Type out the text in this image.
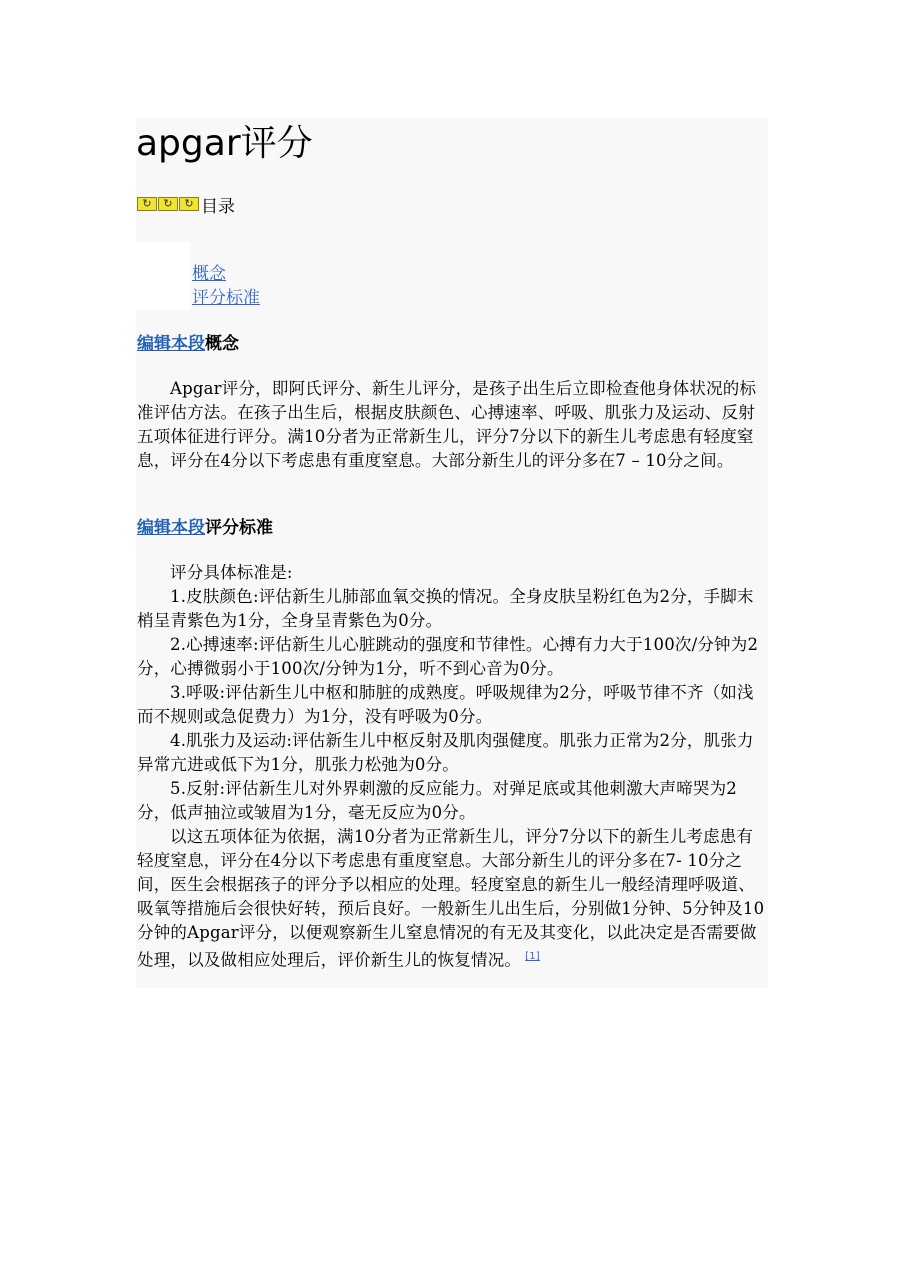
apgar评分
↻	↻	↻ 目录
概念
评分标准
编辑本段概念

Apgar评分，即阿氏评分、新生儿评分，是孩子出生后立即检查他身体状况的标准评估方法。在孩子出生后，根据皮肤颜色、心搏速率、呼吸、肌张力及运动、反射五项体征进行评分。满10分者为正常新生儿，评分7分以下的新生儿考虑患有轻度窒息，评分在4分以下考虑患有重度窒息。大部分新生儿的评分多在7 – 10分之间。

编辑本段评分标准

评分具体标准是:

1.皮肤颜色:评估新生儿肺部血氧交换的情况。全身皮肤呈粉红色为2分，手脚末梢呈青紫色为1分，全身呈青紫色为0分。

2.心搏速率:评估新生儿心脏跳动的强度和节律性。心搏有力大于100次/分钟为2分，心搏微弱小于100次/分钟为1分，听不到心音为0分。

3.呼吸:评估新生儿中枢和肺脏的成熟度。呼吸规律为2分，呼吸节律不齐（如浅而不规则或急促费力）为1分，没有呼吸为0分。

4.肌张力及运动:评估新生儿中枢反射及肌肉强健度。肌张力正常为2分，肌张力异常亢进或低下为1分，肌张力松弛为0分。

5.反射:评估新生儿对外界刺激的反应能力。对弹足底或其他刺激大声啼哭为2分，低声抽泣或皱眉为1分，毫无反应为0分。

以这五项体征为依据，满10分者为正常新生儿，评分7分以下的新生儿考虑患有轻度窒息，评分在4分以下考虑患有重度窒息。大部分新生儿的评分多在7- 10分之间，医生会根据孩子的评分予以相应的处理。轻度窒息的新生儿一般经清理呼吸道、吸氧等措施后会很快好转，预后良好。一般新生儿出生后，分别做1分钟、5分钟及10分钟的Apgar评分，以便观察新生儿窒息情况的有无及其变化，以此决定是否需要做处理，以及做相应处理后，评价新生儿的恢复情况。 [1]
